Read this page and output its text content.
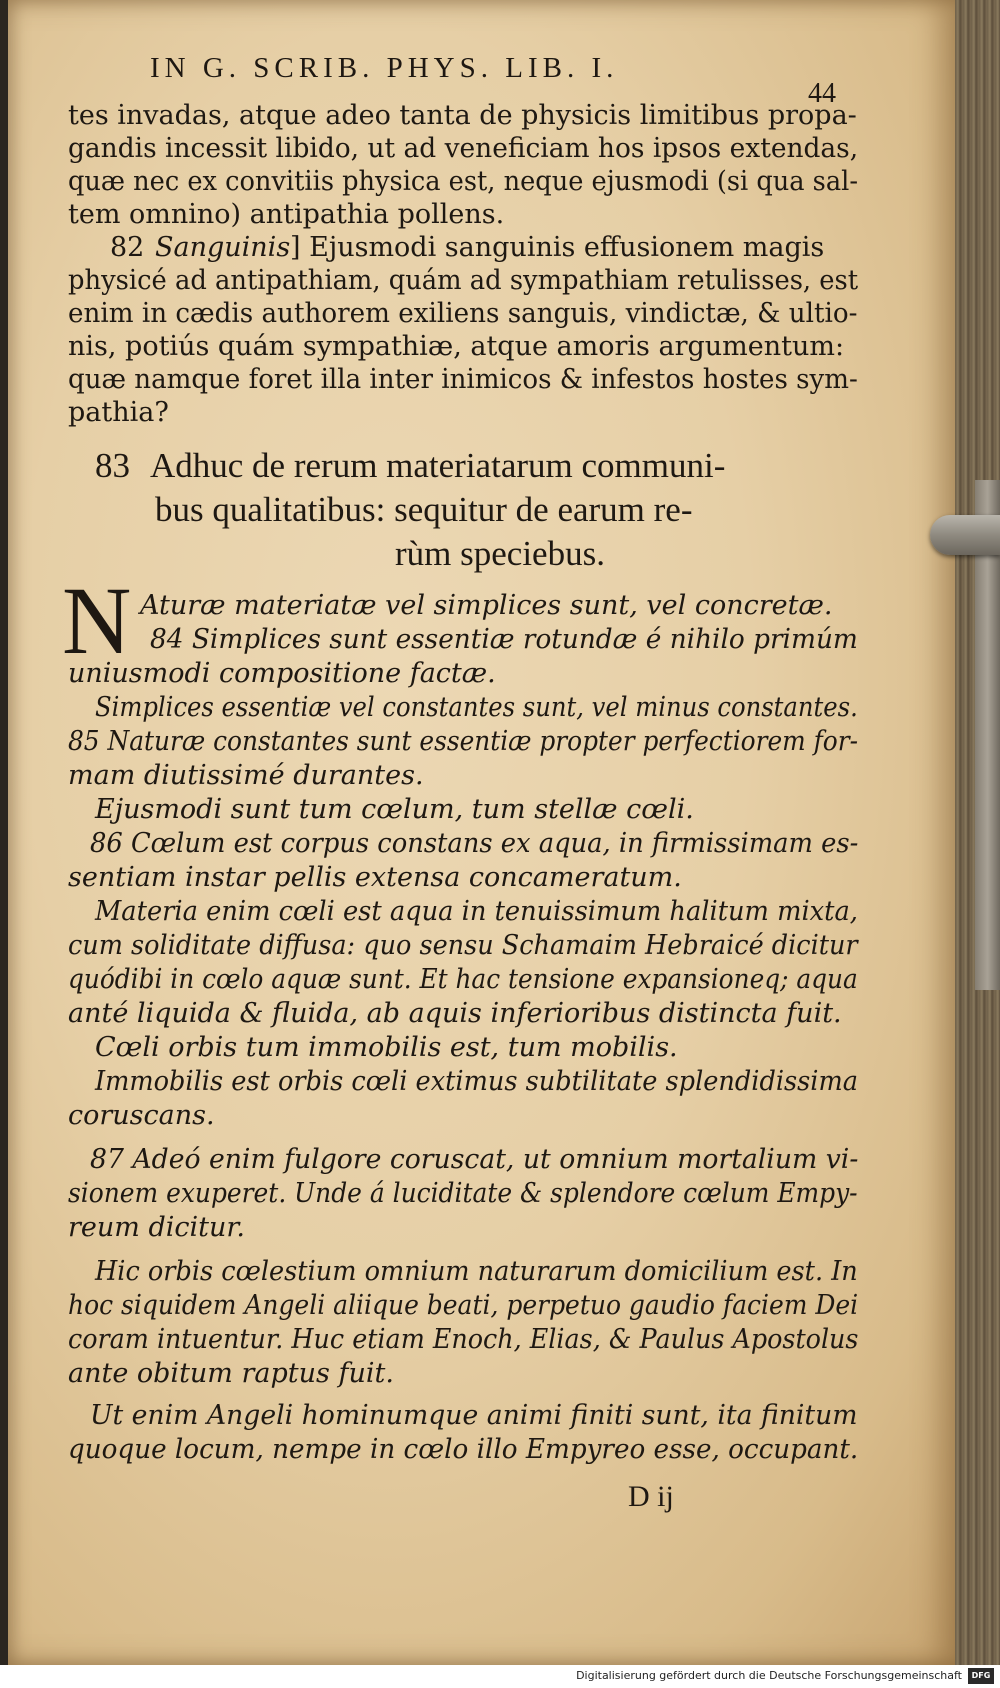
IN G. SCRIB. PHYS. LIB. I.
44
tes invadas, atque adeo tanta de physicis limitibus propa-
gandis incessit libido, ut ad veneficiam hos ipsos extendas,
quæ nec ex convitiis physica est, neque ejusmodi (si qua sal-
tem omnino) antipathia pollens.
82 Sanguinis ] Ejusmodi sanguinis effusionem magis
physicé ad antipathiam, quám ad sympathiam retulisses, est
enim in cædis authorem exiliens sanguis, vindictæ, & ultio-
nis, potiús quám sympathiæ, atque amoris argumentum:
quæ namque foret illa inter inimicos & infestos hostes sym-
pathia?
83 Adhuc de rerum materiatarum communi-
bus qualitatibus: sequitur de earum re-
rùm speciebus.
N Aturæ materiatæ vel simplices sunt, vel concretæ.
84 Simplices sunt essentiæ rotundæ é nihilo primúm
uniusmodi compositione factæ.
Simplices essentiæ vel constantes sunt, vel minus constantes.
85 Naturæ constantes sunt essentiæ propter perfectiorem for-
mam diutissimé durantes.
Ejusmodi sunt tum cœlum, tum stellæ cœli.
86 Cœlum est corpus constans ex aqua, in firmissimam es-
sentiam instar pellis extensa concameratum.
Materia enim cœli est aqua in tenuissimum halitum mixta,
cum soliditate diffusa: quo sensu Schamaim Hebraicé dicitur
quódibi in cœlo aquæ sunt. Et hac tensione expansioneq; aqua
anté liquida & fluida, ab aquis inferioribus distincta fuit.
Cœli orbis tum immobilis est, tum mobilis.
Immobilis est orbis cœli extimus subtilitate splendidissima
coruscans.
87 Adeó enim fulgore coruscat, ut omnium mortalium vi-
sionem exuperet. Unde á luciditate & splendore cœlum Empy-
reum dicitur.
Hic orbis cœlestium omnium naturarum domicilium est. In
hoc siquidem Angeli aliique beati, perpetuo gaudio faciem Dei
coram intuentur. Huc etiam Enoch, Elias, & Paulus Apostolus
ante obitum raptus fuit.
Ut enim Angeli hominumque animi finiti sunt, ita finitum
quoque locum, nempe in cœlo illo Empyreo esse, occupant.
D ij
Digitalisierung gefördert durch die Deutsche Forschungsgemeinschaft	DFG
